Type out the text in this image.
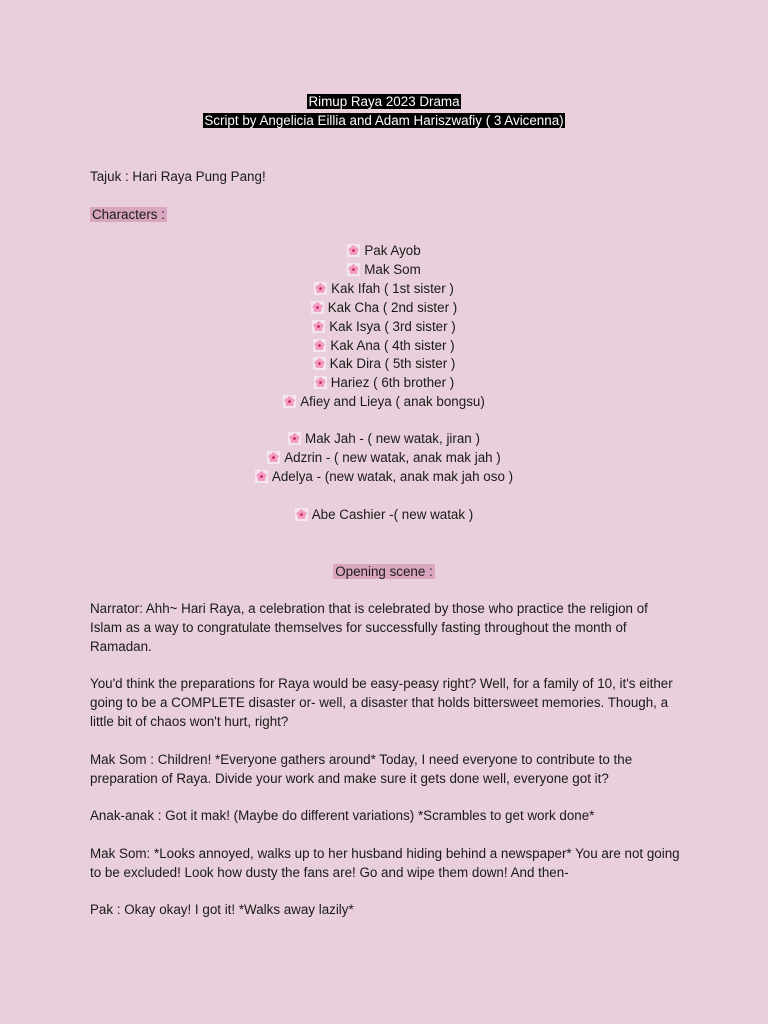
Rimup Raya 2023 Drama
Script by Angelicia Eillia and Adam Hariszwafiy ( 3 Avicenna)

Tajuk : Hari Raya Pung Pang!

Characters :

Pak Ayob
Mak Som
Kak Ifah ( 1st sister )
Kak Cha ( 2nd sister )
Kak Isya ( 3rd sister )
Kak Ana ( 4th sister )
Kak Dira ( 5th sister )
Hariez ( 6th brother )
Afiey and Lieya ( anak bongsu)
Mak Jah - ( new watak, jiran )
Adzrin - ( new watak, anak mak jah )
Adelya - (new watak, anak mak jah oso )
Abe Cashier -( new watak )
Opening scene :

Narrator: Ahh~ Hari Raya, a celebration that is celebrated by those who practice the religion of Islam as a way to congratulate themselves for successfully fasting throughout the month of Ramadan.

You'd think the preparations for Raya would be easy-peasy right? Well, for a family of 10, it's either going to be a COMPLETE disaster or- well, a disaster that holds bittersweet memories. Though, a little bit of chaos won't hurt, right?

Mak Som : Children! *Everyone gathers around* Today, I need everyone to contribute to the preparation of Raya. Divide your work and make sure it gets done well, everyone got it?

Anak-anak : Got it mak! (Maybe do different variations) *Scrambles to get work done*

Mak Som: *Looks annoyed, walks up to her husband hiding behind a newspaper* You are not going to be excluded! Look how dusty the fans are! Go and wipe them down! And then-

Pak : Okay okay! I got it! *Walks away lazily*
